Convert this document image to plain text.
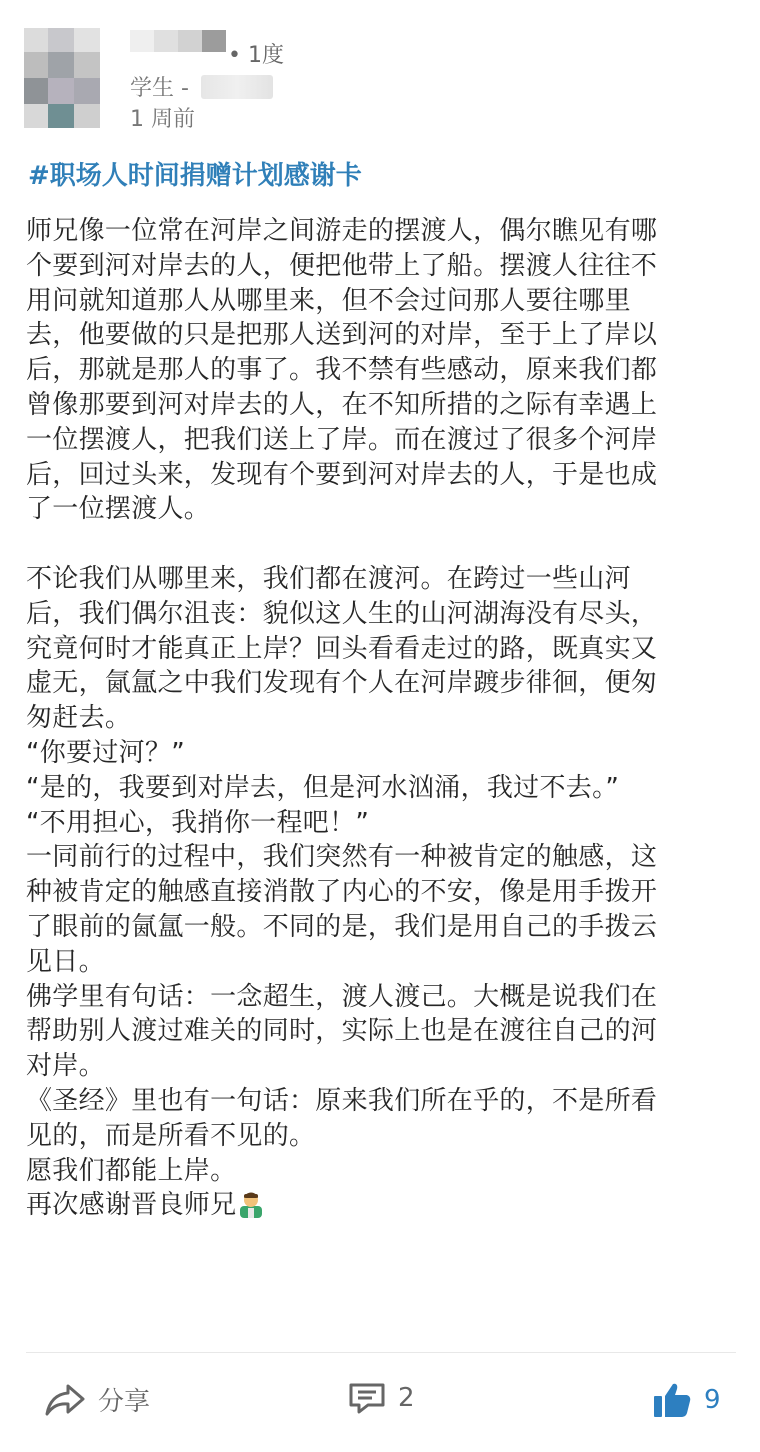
• 1度
学生 -
1 周前
#职场人时间捐赠计划感谢卡

师兄像一位常在河岸之间游走的摆渡人，偶尔瞧见有哪

个要到河对岸去的人，便把他带上了船。摆渡人往往不

用问就知道那人从哪里来，但不会过问那人要往哪里

去，他要做的只是把那人送到河的对岸，至于上了岸以

后，那就是那人的事了。我不禁有些感动，原来我们都

曾像那要到河对岸去的人，在不知所措的之际有幸遇上

一位摆渡人，把我们送上了岸。而在渡过了很多个河岸

后，回过头来，发现有个要到河对岸去的人，于是也成

了一位摆渡人。

不论我们从哪里来，我们都在渡河。在跨过一些山河

后，我们偶尔沮丧：貌似这人生的山河湖海没有尽头，

究竟何时才能真正上岸？回头看看走过的路，既真实又

虚无，氤氲之中我们发现有个人在河岸踱步徘徊，便匆

匆赶去。

“你要过河？”

“是的，我要到对岸去，但是河水汹涌，我过不去。”

“不用担心，我捎你一程吧！”

一同前行的过程中，我们突然有一种被肯定的触感，这

种被肯定的触感直接消散了内心的不安，像是用手拨开

了眼前的氤氲一般。不同的是，我们是用自己的手拨云

见日。

佛学里有句话：一念超生，渡人渡己。大概是说我们在

帮助别人渡过难关的同时，实际上也是在渡往自己的河

对岸。

《圣经》里也有一句话：原来我们所在乎的，不是所看

见的，而是所看不见的。

愿我们都能上岸。

再次感谢晋良师兄

分享	2	9
